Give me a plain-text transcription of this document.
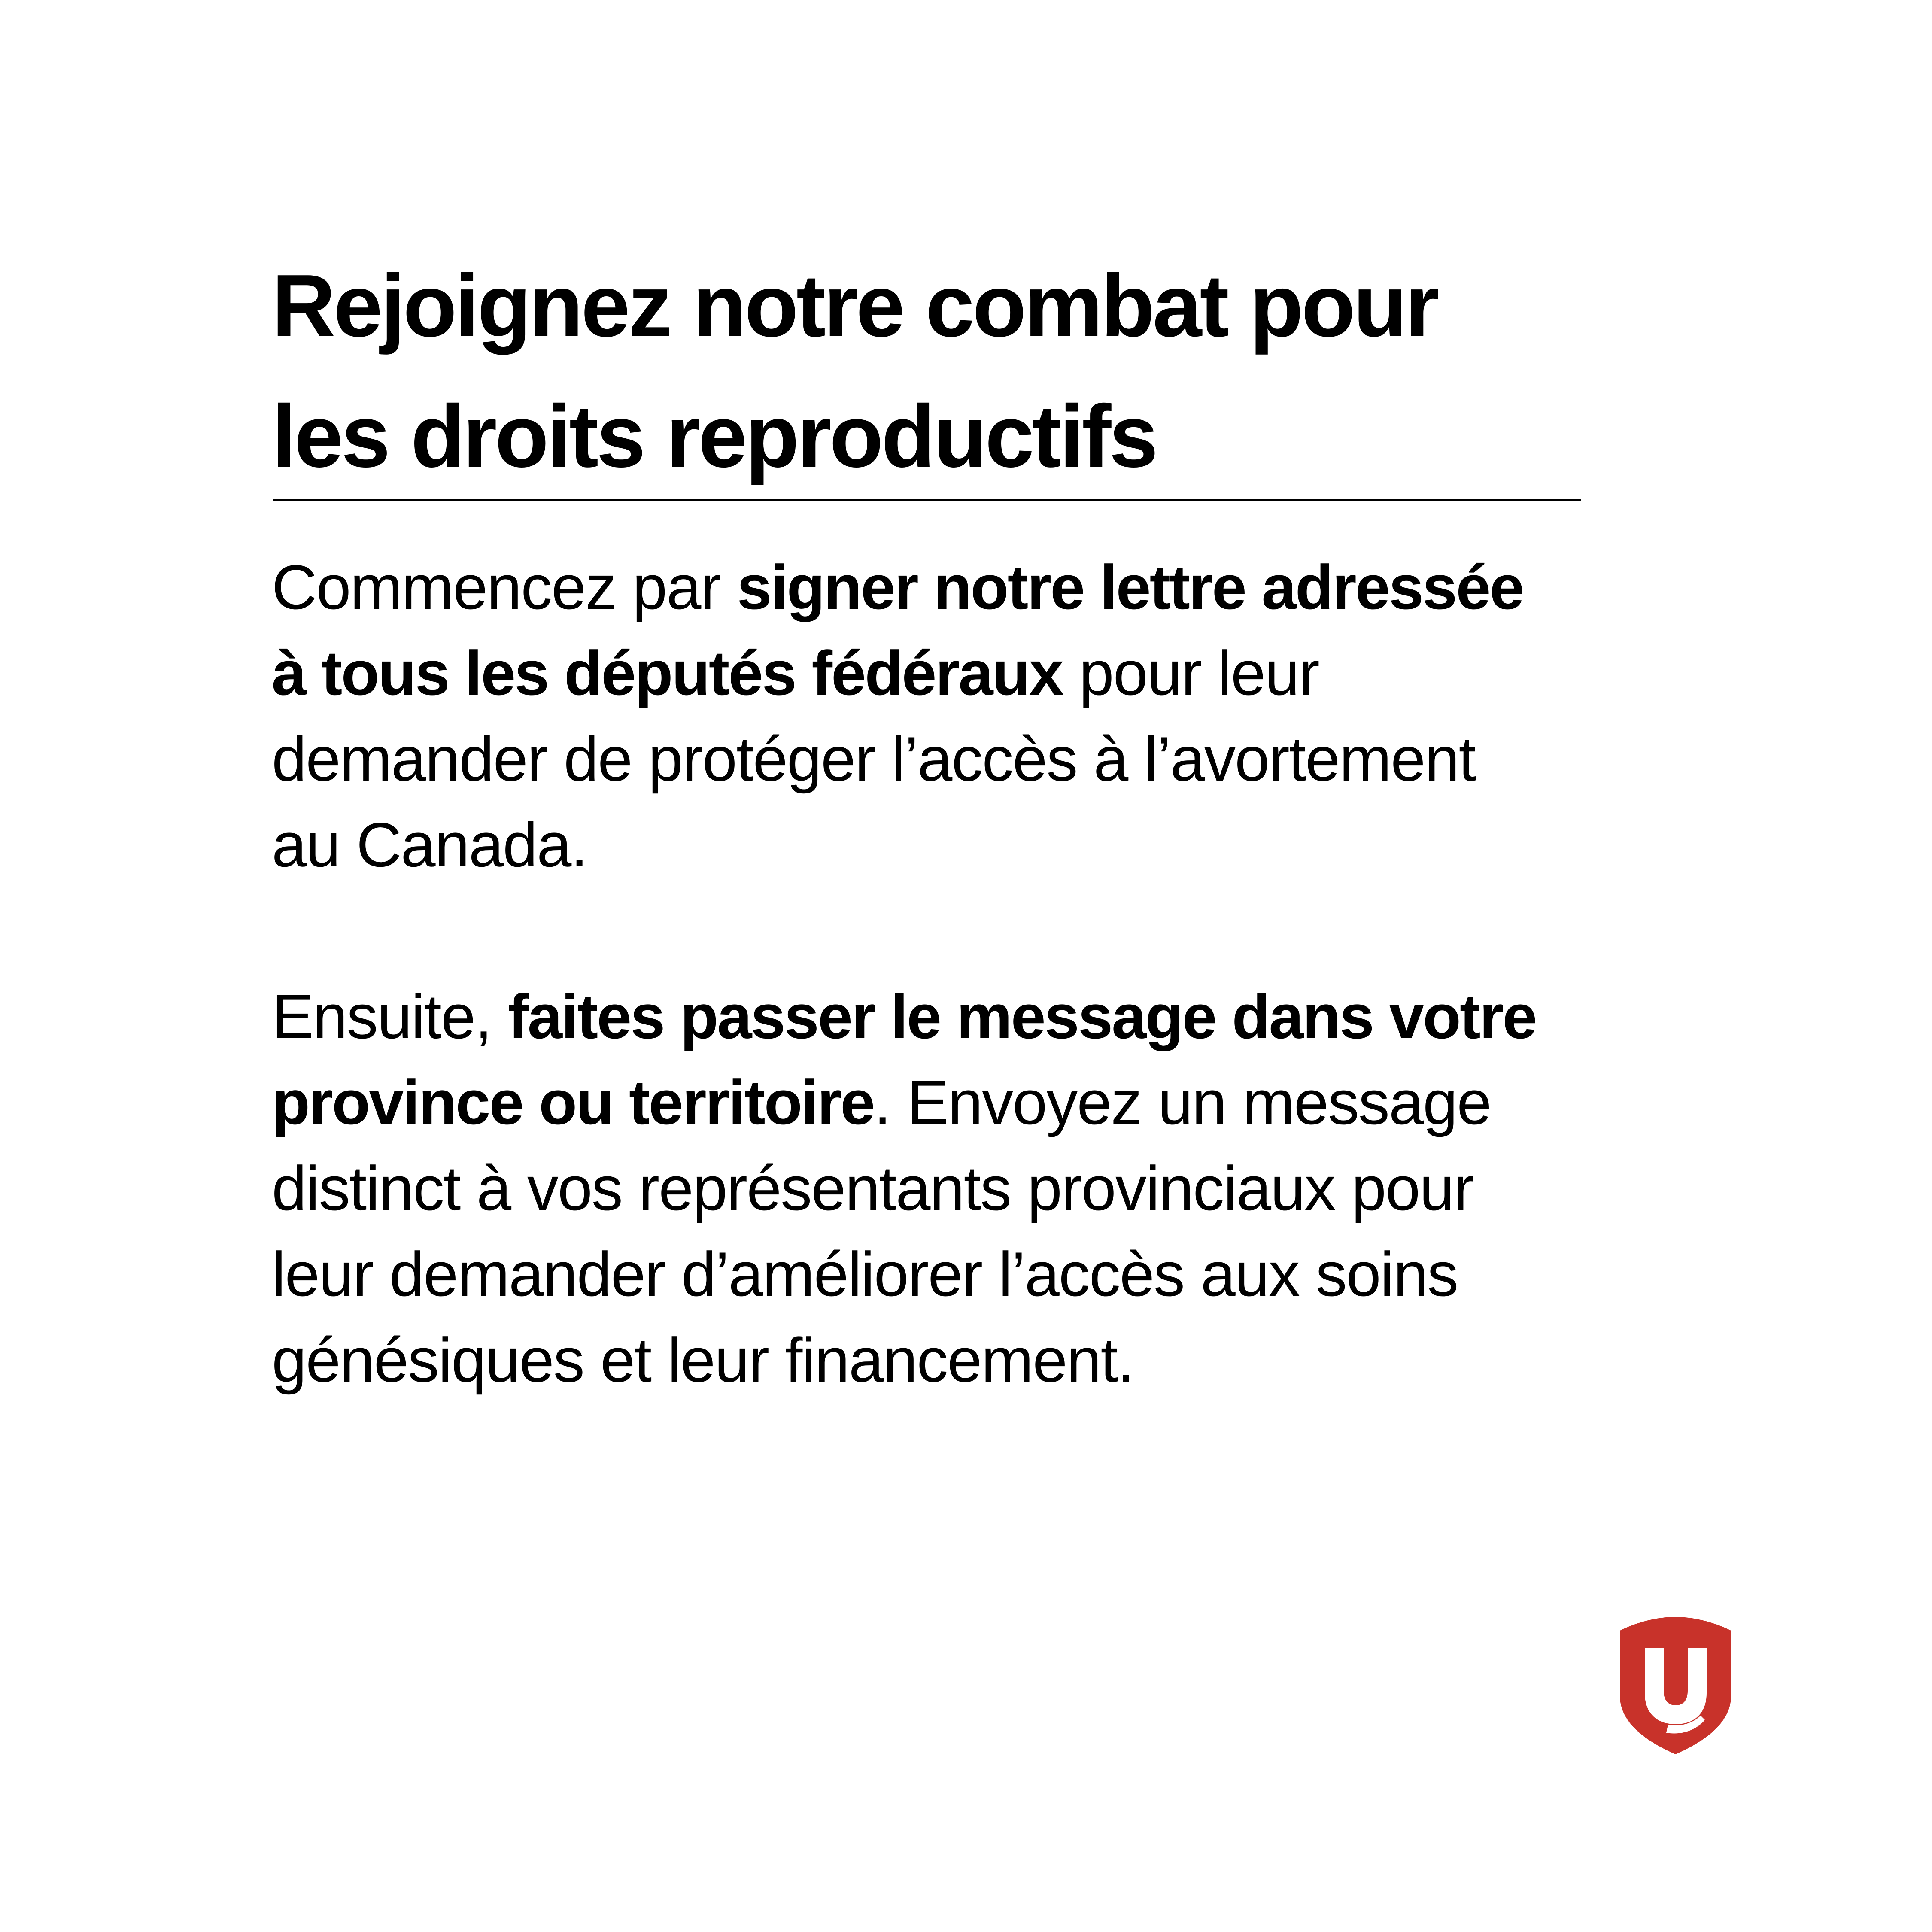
Rejoignez notre combat pour
les droits reproductifs

Commencez par signer notre lettre adressée
à tous les députés fédéraux pour leur
demander de protéger l’accès à l’avortement
au Canada.

Ensuite, faites passer le message dans votre
province ou territoire. Envoyez un message
distinct à vos représentants provinciaux pour
leur demander d’améliorer l’accès aux soins
génésiques et leur financement.
